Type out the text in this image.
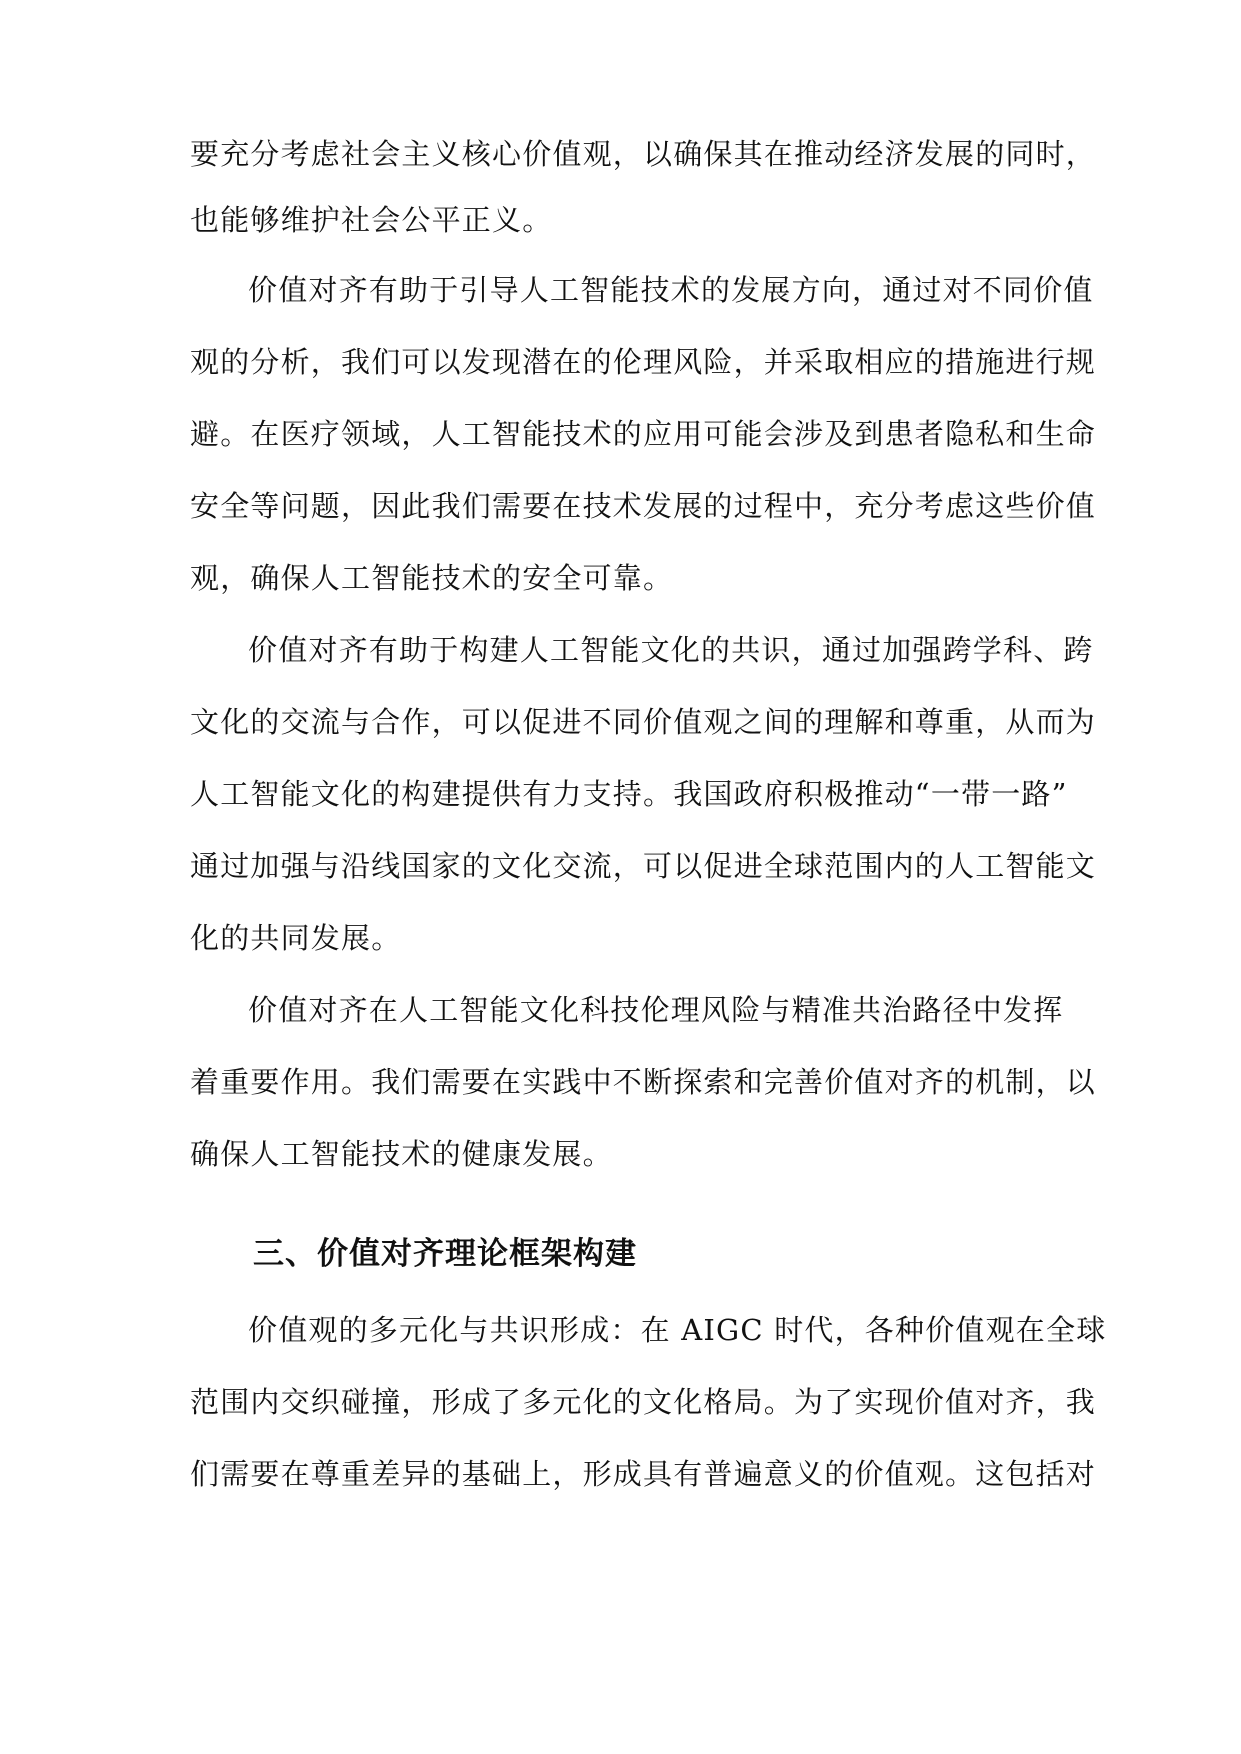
要充分考虑社会主义核心价值观，以确保其在推动经济发展的同时，
也能够维护社会公平正义。
价值对齐有助于引导人工智能技术的发展方向，通过对不同价值
观的分析，我们可以发现潜在的伦理风险，并采取相应的措施进行规
避。在医疗领域，人工智能技术的应用可能会涉及到患者隐私和生命
安全等问题，因此我们需要在技术发展的过程中，充分考虑这些价值
观，确保人工智能技术的安全可靠。
价值对齐有助于构建人工智能文化的共识，通过加强跨学科、跨
文化的交流与合作，可以促进不同价值观之间的理解和尊重，从而为
人工智能文化的构建提供有力支持。我国政府积极推动“一带一路”
通过加强与沿线国家的文化交流，可以促进全球范围内的人工智能文
化的共同发展。
价值对齐在人工智能文化科技伦理风险与精准共治路径中发挥
着重要作用。我们需要在实践中不断探索和完善价值对齐的机制，以
确保人工智能技术的健康发展。
三、价值对齐理论框架构建
价值观的多元化与共识形成：在 AIGC 时代，各种价值观在全球
范围内交织碰撞，形成了多元化的文化格局。为了实现价值对齐，我
们需要在尊重差异的基础上，形成具有普遍意义的价值观。这包括对
